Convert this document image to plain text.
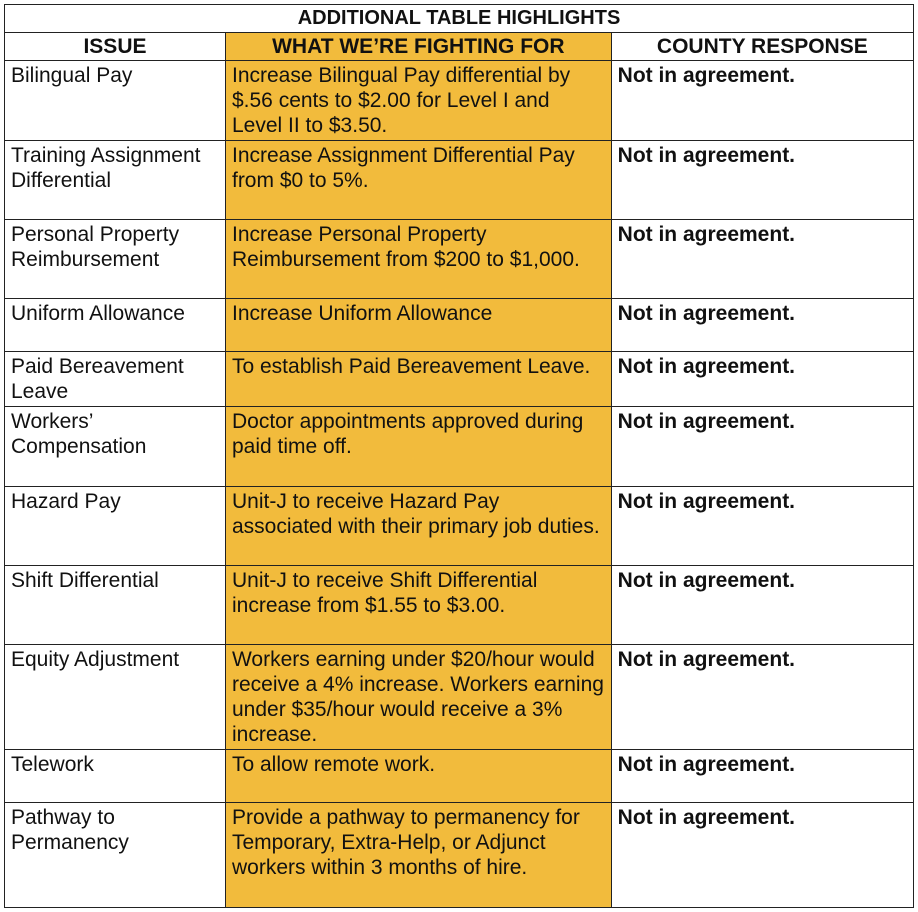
ADDITIONAL TABLE HIGHLIGHTS		
ISSUE	WHAT WE’RE FIGHTING FOR	COUNTY RESPONSE
Bilingual Pay	Increase Bilingual Pay differential by $.56 cents to $2.00 for Level I and Level II to $3.50.	Not in agreement.
Training Assignment Differential	Increase Assignment Differential Pay from $0 to 5%.	Not in agreement.
Personal Property Reimbursement	Increase Personal Property Reimbursement from $200 to $1,000.	Not in agreement.
Uniform Allowance	Increase Uniform Allowance	Not in agreement.
Paid Bereavement Leave	To establish Paid Bereavement Leave.	Not in agreement.
Workers’ Compensation	Doctor appointments approved during paid time off.	Not in agreement.
Hazard Pay	Unit-J to receive Hazard Pay associated with their primary job duties.	Not in agreement.
Shift Differential	Unit-J to receive Shift Differential increase from $1.55 to $3.00.	Not in agreement.
Equity Adjustment	Workers earning under $20/hour would receive a 4% increase. Workers earning under $35/hour would receive a 3% increase.	Not in agreement.
Telework	To allow remote work.	Not in agreement.
Pathway to Permanency	Provide a pathway to permanency for Temporary, Extra-Help, or Adjunct workers within 3 months of hire.	Not in agreement.
